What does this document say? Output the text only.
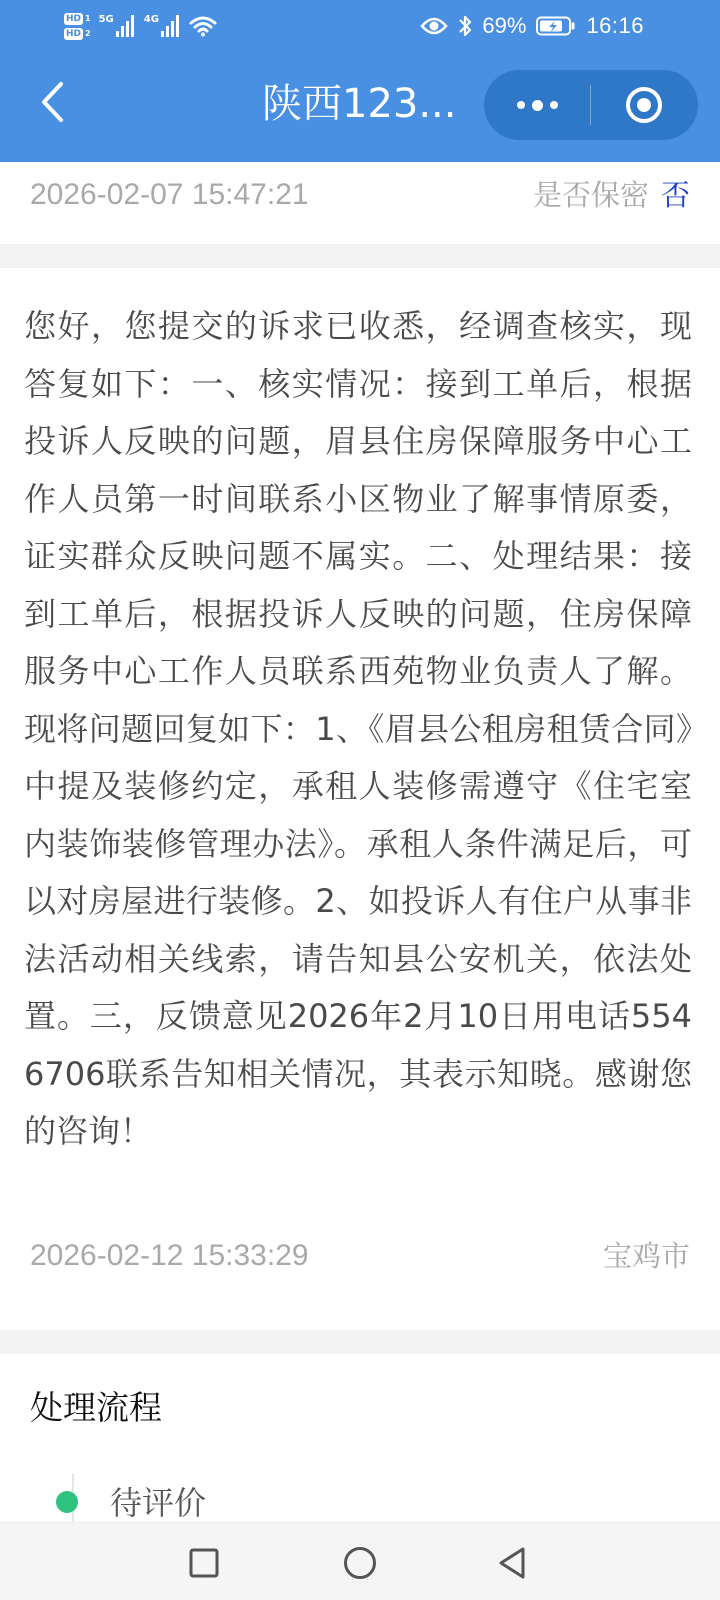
HD 1
HD 2
5G	4G	69%	16:16
陕西123...
2026-02-07 15:47:21	是否保密 否

您好，您提交的诉求已收悉，经调查核实，现答复如下：一、核实情况：接到工单后，根据投诉人反映的问题，眉县住房保障服务中心工作人员第一时间联系小区物业了解事情原委，证实群众反映问题不属实。二、处理结果：接到工单后，根据投诉人反映的问题，住房保障服务中心工作人员联系西苑物业负责人了解。现将问题回复如下：1、《眉县公租房租赁合同》中提及装修约定，承租人装修需遵守《住宅室内装饰装修管理办法》。承租人条件满足后，可以对房屋进行装修。2、如投诉人有住户从事非法活动相关线索，请告知县公安机关，依法处置。三，反馈意见2026年2月10日用电话5546706联系告知相关情况，其表示知晓。感谢您的咨询！

2026-02-12 15:33:29	宝鸡市
处理流程
待评价
